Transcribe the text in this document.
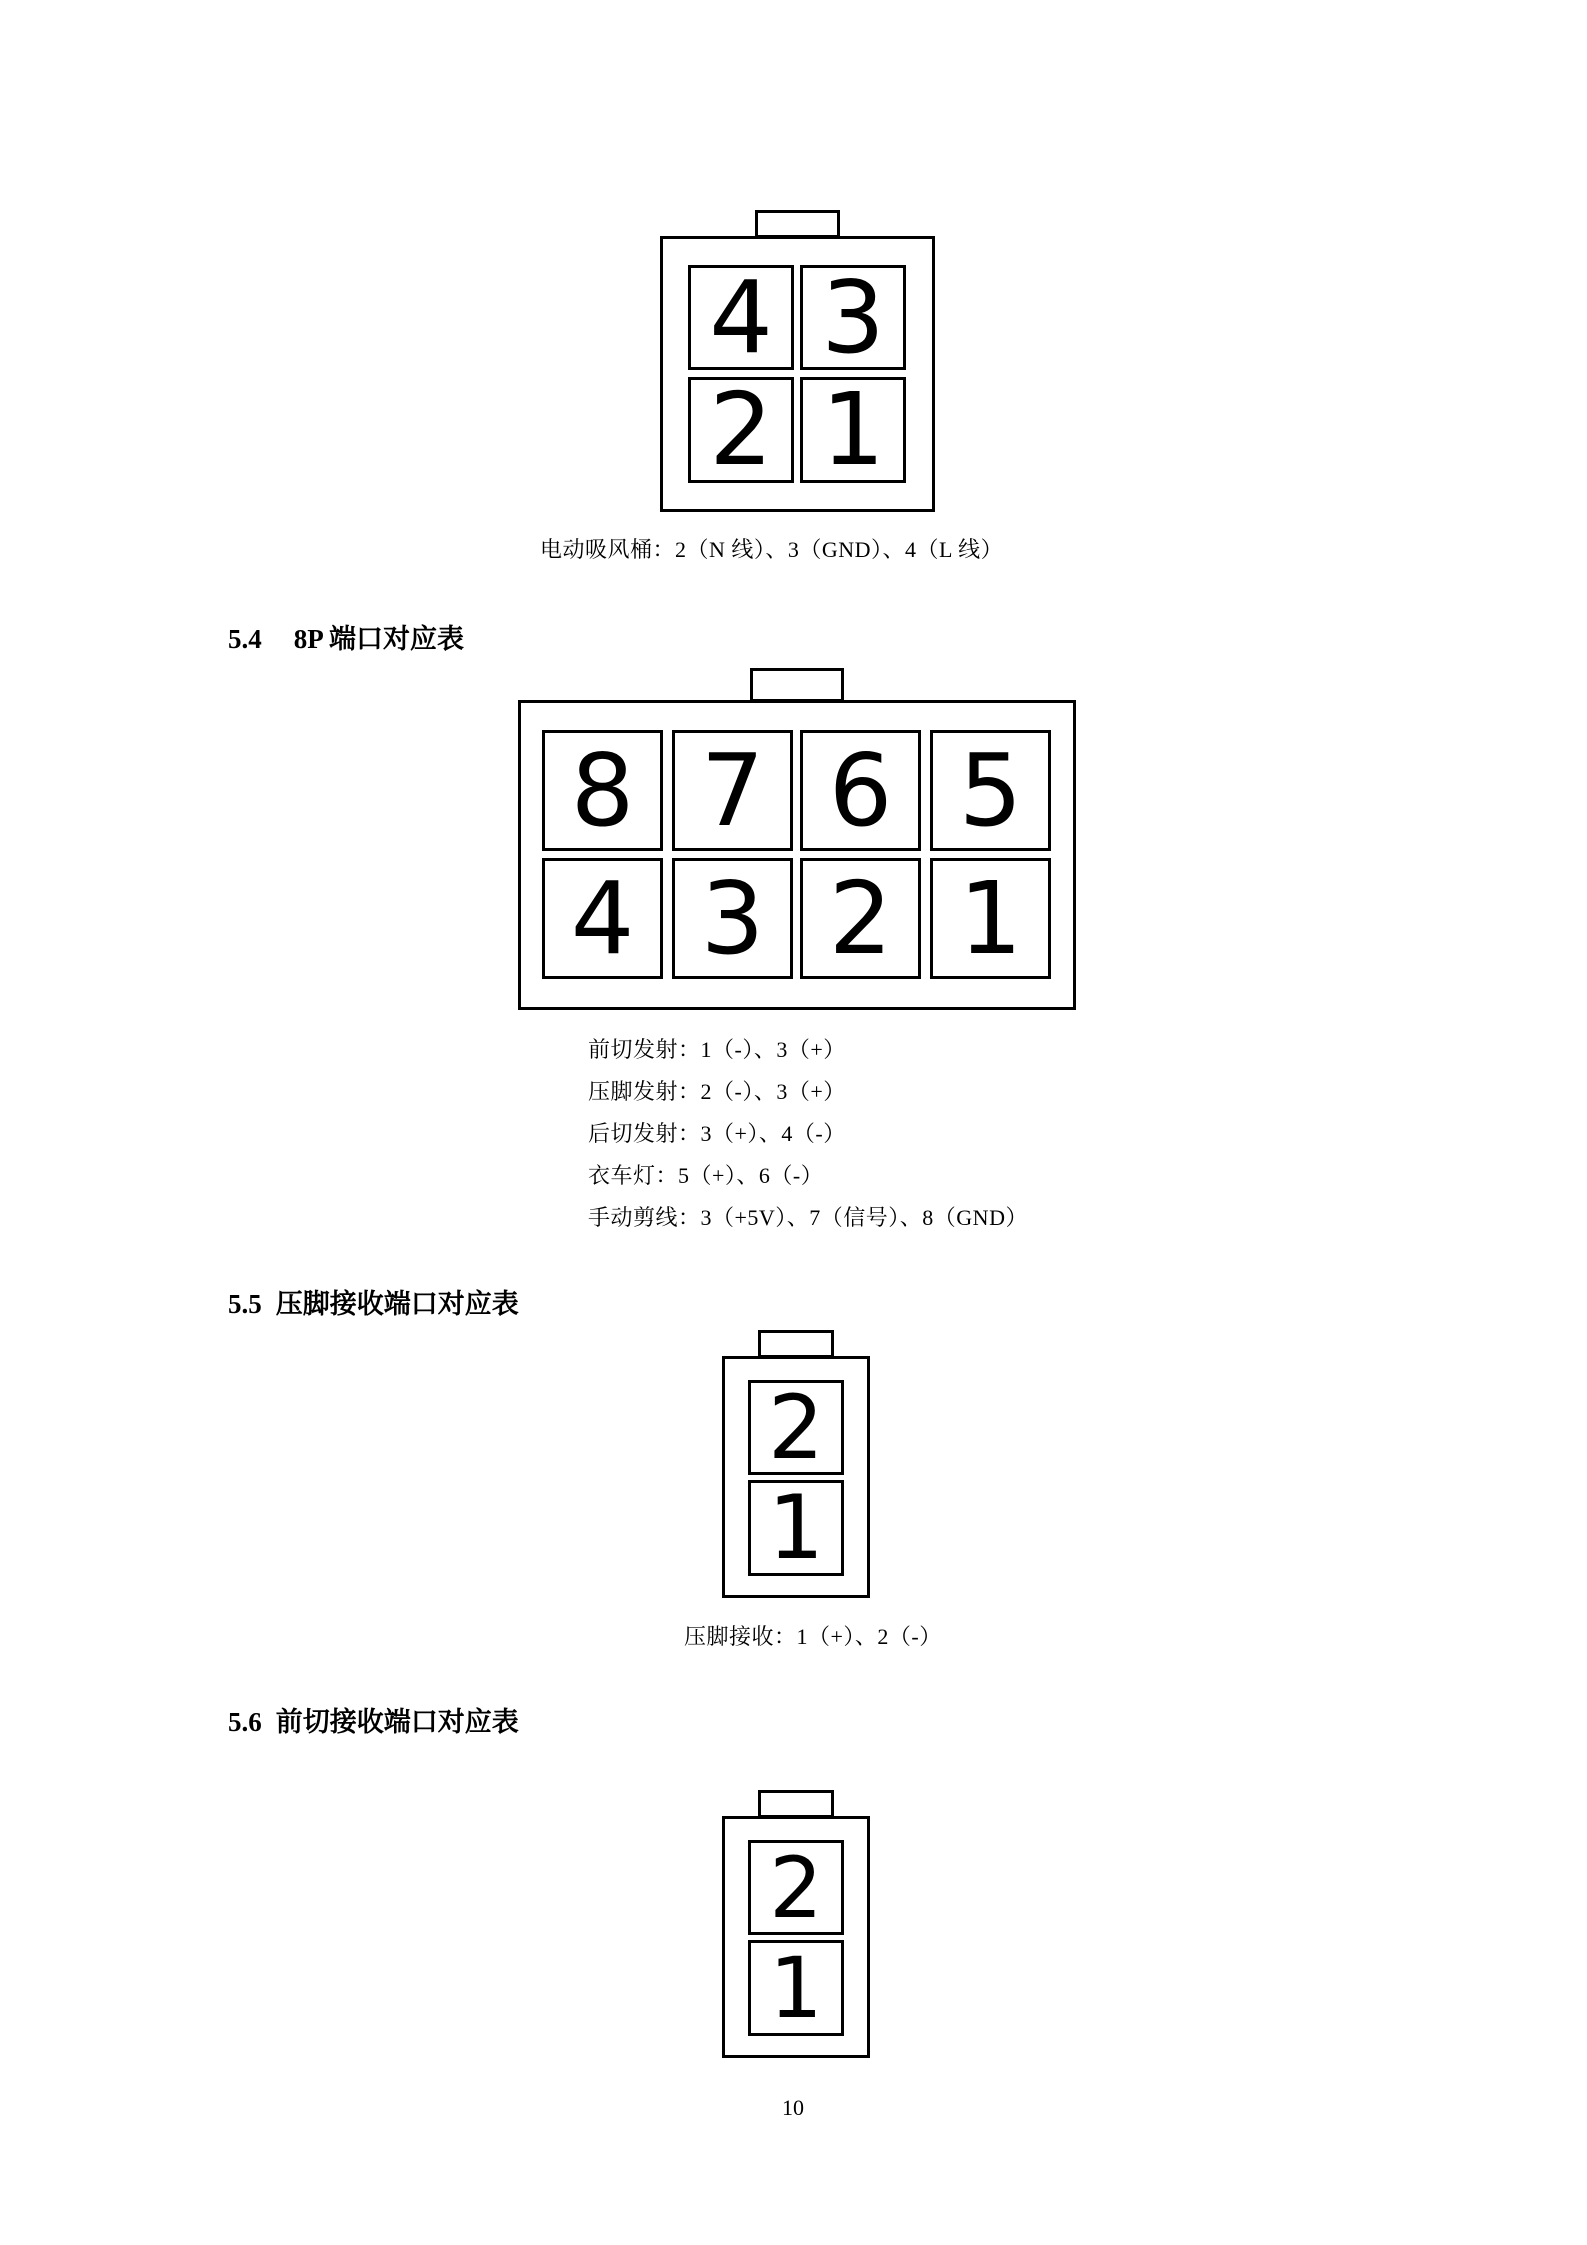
4 3
2 1
电动吸风桶：2（N 线）、3（GND）、4（L 线）
5.4 8P 端口对应表
8 7 6 5
4 3 2 1
前切发射：1（-）、3（+）
压脚发射：2（-）、3（+）
后切发射：3（+）、4（-）
衣车灯：5（+）、6（-）
手动剪线：3（+5V）、7（信号）、8（GND）
5.5 压脚接收端口对应表
2
1
压脚接收：1（+）、2（-）
5.6 前切接收端口对应表
2
1
10
